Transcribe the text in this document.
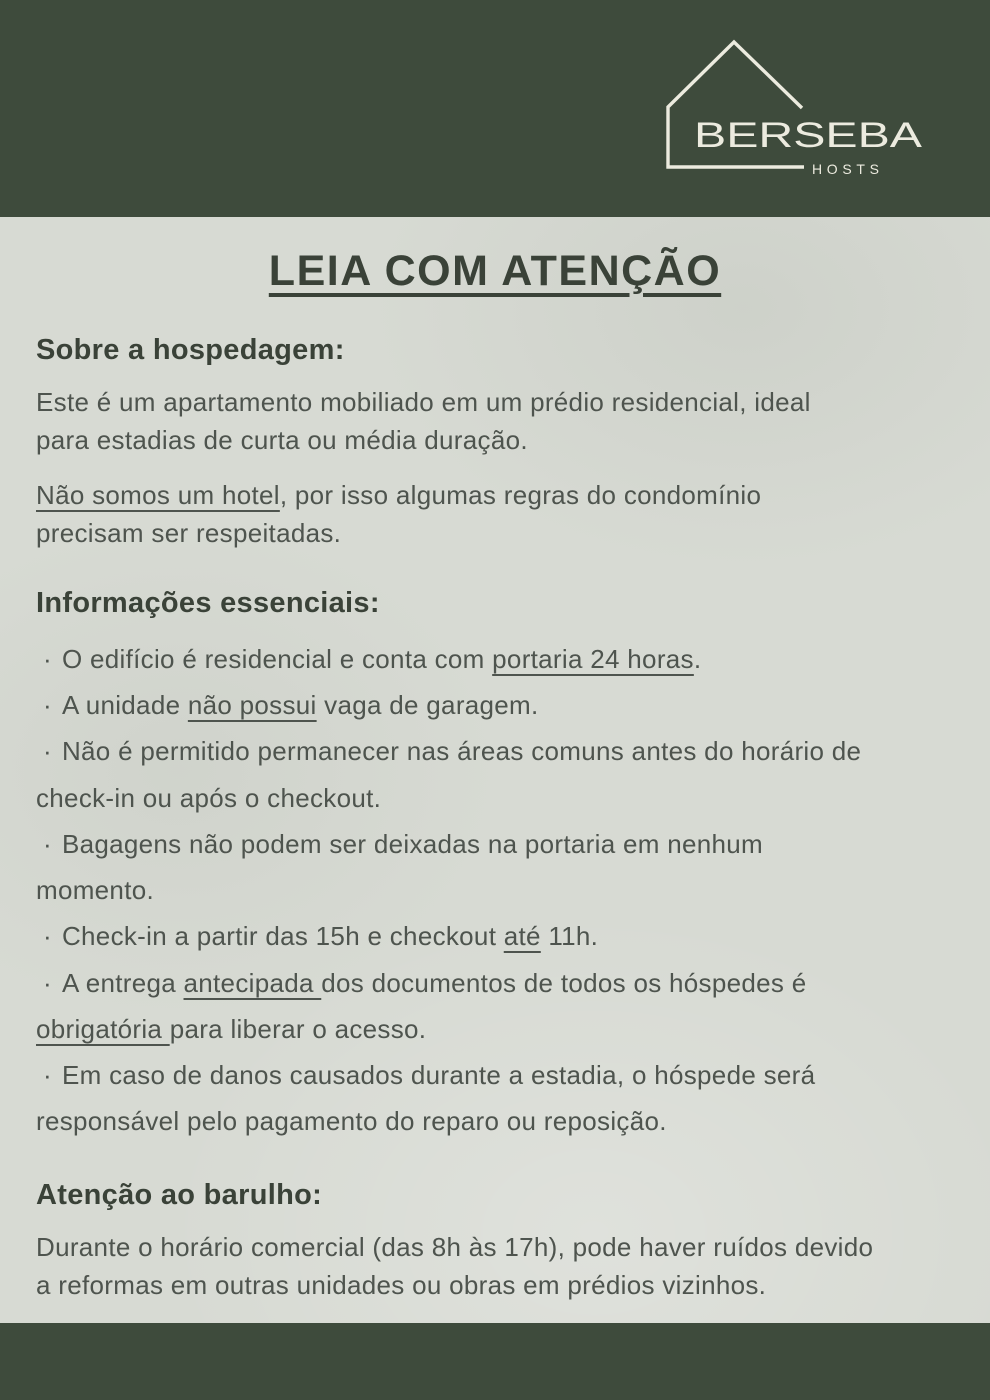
BERSEBA
HOSTS
LEIA COM ATENÇÃO
Sobre a hospedagem:

Este é um apartamento mobiliado em um prédio residencial, ideal
para estadias de curta ou média duração.

Não somos um hotel, por isso algumas regras do condomínio
precisam ser respeitadas.

Informações essenciais:
· O edifício é residencial e conta com portaria 24 horas.
· A unidade não possui vaga de garagem.
· Não é permitido permanecer nas áreas comuns antes do horário de
check-in ou após o checkout.
· Bagagens não podem ser deixadas na portaria em nenhum
momento.
· Check-in a partir das 15h e checkout até 11h.
· A entrega antecipada dos documentos de todos os hóspedes é
obrigatória para liberar o acesso.
· Em caso de danos causados durante a estadia, o hóspede será
responsável pelo pagamento do reparo ou reposição.
Atenção ao barulho:

Durante o horário comercial (das 8h às 17h), pode haver ruídos devido
a reformas em outras unidades ou obras em prédios vizinhos.
